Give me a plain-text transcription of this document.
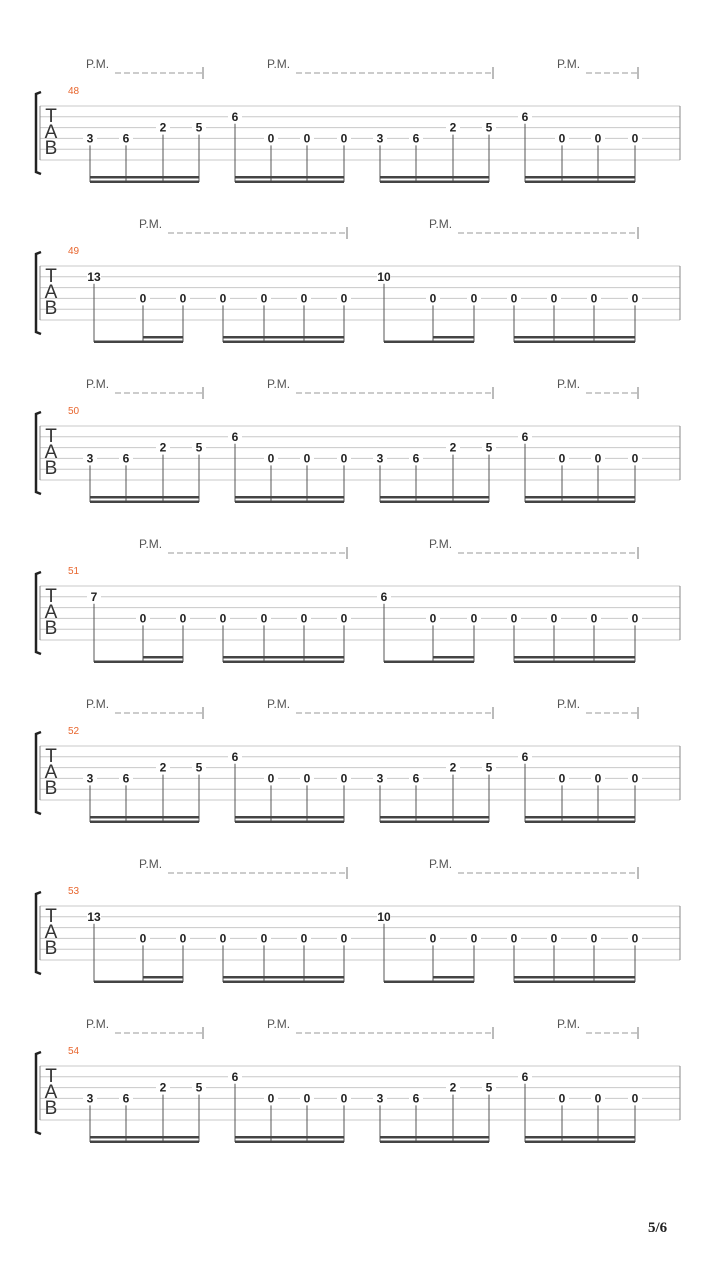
T
A
B
48
P.M.	P.M.	P.M.
3 6
2 5
6
0 0	0 3 6
2 5
6
0 0	0
T
A
B
49
P.M.	P.M.
13
0	0	0	0	0	0
10
0	0	0	0	0	0
T
A
B
50
P.M.	P.M.	P.M.
3 6
2 5
6
0 0	0 3 6
2 5
6
0 0	0
T
A
B
51
P.M.	P.M.
7
0	0	0	0	0	0
6
0	0	0	0	0	0
T
A
B
52
P.M.	P.M.	P.M.
3 6
2 5
6
0 0	0 3 6
2 5
6
0 0	0
T
A
B
53
P.M.	P.M.
13
0	0	0	0	0	0
10
0	0	0	0	0	0
T
A
B
54
P.M.	P.M.	P.M.
3 6
2 5
6
0 0	0 3 6
2 5
6
0 0	0
5/6
